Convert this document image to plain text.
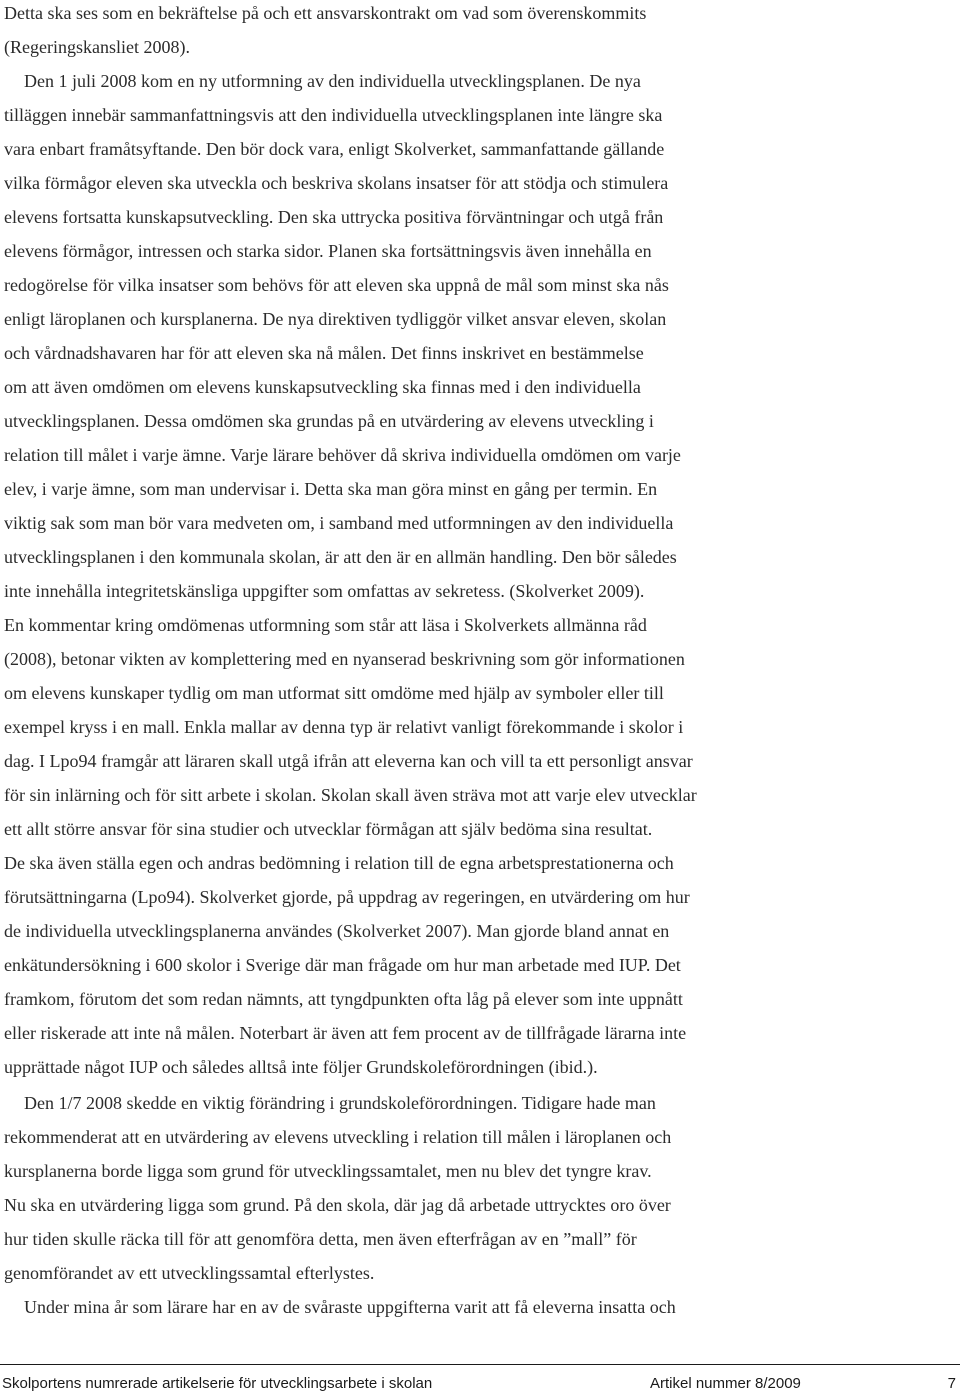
Detta ska ses som en bekräftelse på och ett ansvarskontrakt om vad som överenskommits
(Regeringskansliet 2008).
Den 1 juli 2008 kom en ny utformning av den individuella utvecklingsplanen. De nya
tilläggen innebär sammanfattningsvis att den individuella utvecklingsplanen inte längre ska
vara enbart framåtsyftande. Den bör dock vara, enligt Skolverket, sammanfattande gällande
vilka förmågor eleven ska utveckla och beskriva skolans insatser för att stödja och stimulera
elevens fortsatta kunskapsutveckling. Den ska uttrycka positiva förväntningar och utgå från
elevens förmågor, intressen och starka sidor. Planen ska fortsättningsvis även innehålla en
redogörelse för vilka insatser som behövs för att eleven ska uppnå de mål som minst ska nås
enligt läroplanen och kursplanerna. De nya direktiven tydliggör vilket ansvar eleven, skolan
och vårdnadshavaren har för att eleven ska nå målen. Det finns inskrivet en bestämmelse
om att även omdömen om elevens kunskapsutveckling ska finnas med i den individuella
utvecklingsplanen. Dessa omdömen ska grundas på en utvärdering av elevens utveckling i
relation till målet i varje ämne. Varje lärare behöver då skriva individuella omdömen om varje
elev, i varje ämne, som man undervisar i. Detta ska man göra minst en gång per termin. En
viktig sak som man bör vara medveten om, i samband med utformningen av den individuella
utvecklingsplanen i den kommunala skolan, är att den är en allmän handling. Den bör således
inte innehålla integritetskänsliga uppgifter som omfattas av sekretess. (Skolverket 2009).
En kommentar kring omdömenas utformning som står att läsa i Skolverkets allmänna råd
(2008), betonar vikten av komplettering med en nyanserad beskrivning som gör informationen
om elevens kunskaper tydlig om man utformat sitt omdöme med hjälp av symboler eller till
exempel kryss i en mall. Enkla mallar av denna typ är relativt vanligt förekommande i skolor i
dag. I Lpo94 framgår att läraren skall utgå ifrån att eleverna kan och vill ta ett personligt ansvar
för sin inlärning och för sitt arbete i skolan. Skolan skall även sträva mot att varje elev utvecklar
ett allt större ansvar för sina studier och utvecklar förmågan att själv bedöma sina resultat.
De ska även ställa egen och andras bedömning i relation till de egna arbetsprestationerna och
förutsättningarna (Lpo94). Skolverket gjorde, på uppdrag av regeringen, en utvärdering om hur
de individuella utvecklingsplanerna användes (Skolverket 2007). Man gjorde bland annat en
enkätundersökning i 600 skolor i Sverige där man frågade om hur man arbetade med IUP. Det
framkom, förutom det som redan nämnts, att tyngdpunkten ofta låg på elever som inte uppnått
eller riskerade att inte nå målen. Noterbart är även att fem procent av de tillfrågade lärarna inte
upprättade något IUP och således alltså inte följer Grundskoleförordningen (ibid.).
Den 1/7 2008 skedde en viktig förändring i grundskoleförordningen. Tidigare hade man
rekommenderat att en utvärdering av elevens utveckling i relation till målen i läroplanen och
kursplanerna borde ligga som grund för utvecklingssamtalet, men nu blev det tyngre krav.
Nu ska en utvärdering ligga som grund. På den skola, där jag då arbetade uttrycktes oro över
hur tiden skulle räcka till för att genomföra detta, men även efterfrågan av en ”mall” för
genomförandet av ett utvecklingssamtal efterlystes.
Under mina år som lärare har en av de svåraste uppgifterna varit att få eleverna insatta och
Skolportens numrerade artikelserie för utvecklingsarbete i skolan	Artikel nummer 8/2009	7
